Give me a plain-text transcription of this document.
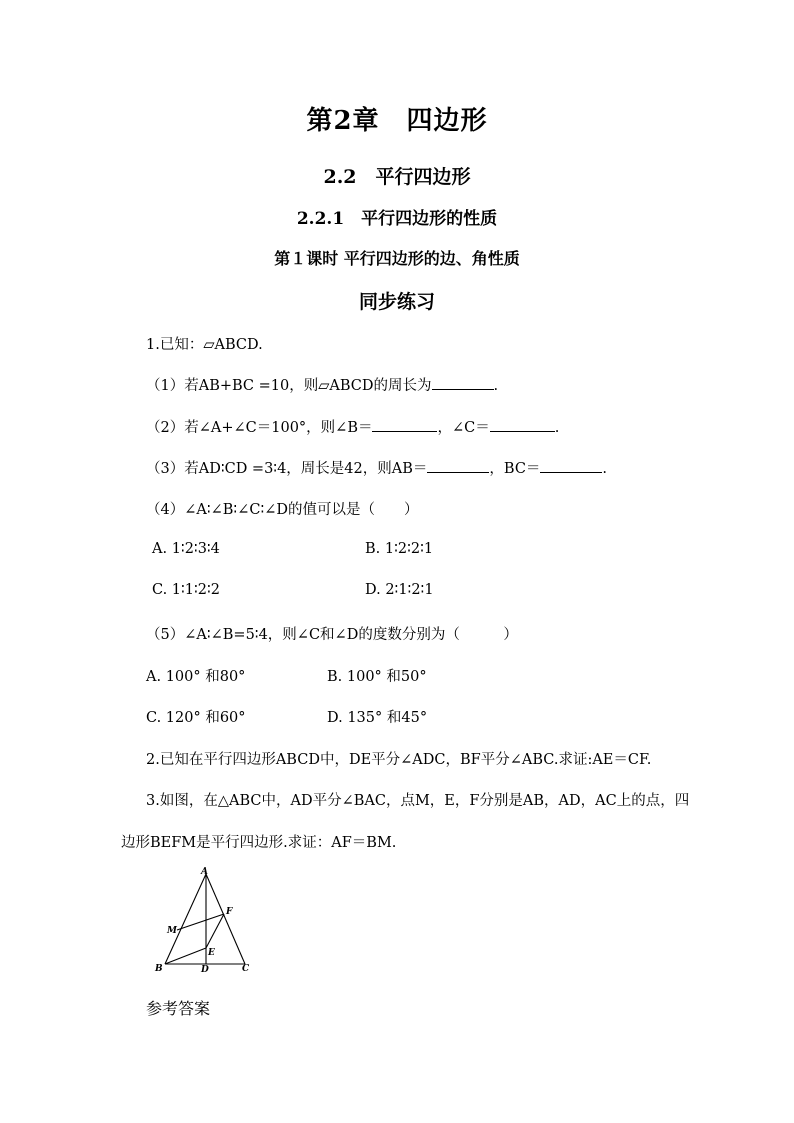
第2章　四边形
2.2　平行四边形
2.2.1　平行四边形的性质
第１课时 平行四边形的边、角性质
同步练习
1.已知：▱ABCD.
（1）若AB+BC =10，则▱ABCD的周长为	.
（2）若∠A+∠C＝100°，则∠B＝	，∠C＝	.
（3）若AD∶CD =3∶4，周长是42，则AB＝	，BC＝	.
（4）∠A∶∠B∶∠C∶∠D的值可以是（　　）
A. 1∶2∶3∶4	B. 1∶2∶2∶1
C. 1∶1∶2∶2	D. 2∶1∶2∶1
（5）∠A∶∠B=5∶4，则∠C和∠D的度数分别为（　　　）
A. 100° 和80°	B. 100° 和50°
C. 120° 和60°	D. 135° 和45°
2.已知在平行四边形ABCD中，DE平分∠ADC，BF平分∠ABC.求证:AE＝CF.
3.如图，在△ABC中，AD平分∠BAC，点M，E，F分别是AB，AD，AC上的点，四
边形BEFM是平行四边形.求证：AF＝BM.
A
B	C
D
E
F
M
参考答案
